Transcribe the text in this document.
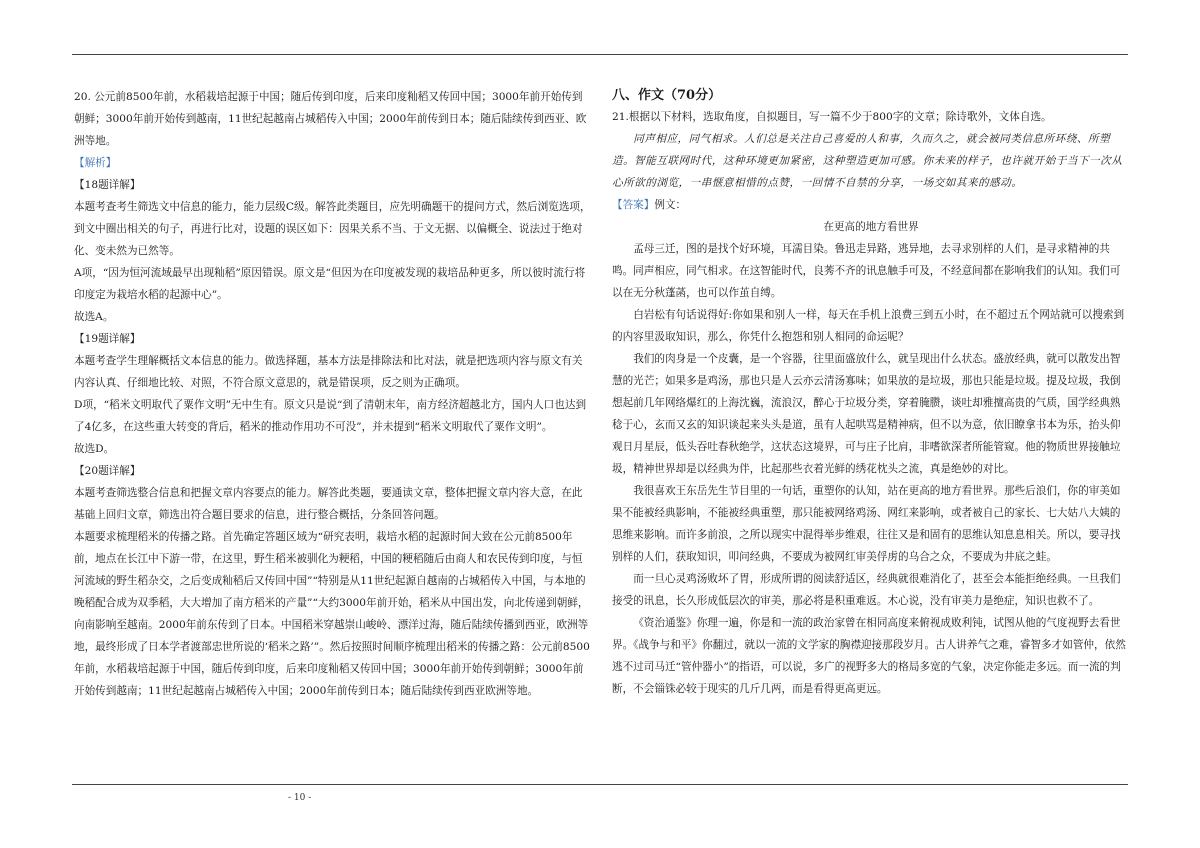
20. 公元前8500年前，水稻栽培起源于中国；随后传到印度，后来印度籼稻又传回中国；3000年前开始传到朝鲜；3000年前开始传到越南，11世纪起越南占城稻传入中国；2000年前传到日本；随后陆续传到西亚、欧洲等地。

【解析】

【18题详解】

本题考查考生筛选文中信息的能力，能力层级C级。解答此类题目，应先明确题干的提问方式，然后浏览选项，到文中圈出相关的句子，再进行比对，设题的误区如下：因果关系不当、于文无据、以偏概全、说法过于绝对化、变未然为已然等。

A项，“因为恒河流域最早出现籼稻”原因错误。原文是“但因为在印度被发现的栽培品种更多，所以彼时流行将印度定为栽培水稻的起源中心”。

故选A。

【19题详解】

本题考查学生理解概括文本信息的能力。做选择题，基本方法是排除法和比对法，就是把选项内容与原文有关内容认真、仔细地比较、对照，不符合原文意思的，就是错误项，反之则为正确项。

D项，“稻米文明取代了粟作文明”无中生有。原文只是说“到了清朝末年，南方经济超越北方，国内人口也达到了4亿多，在这些重大转变的背后，稻米的推动作用功不可没”，并未提到“稻米文明取代了粟作文明”。

故选D。

【20题详解】

本题考查筛选整合信息和把握文章内容要点的能力。解答此类题，要通读文章，整体把握文章内容大意，在此基础上回归文章，筛选出符合题目要求的信息，进行整合概括，分条回答问题。

本题要求梳理稻米的传播之路。首先确定答题区域为“研究表明，栽培水稻的起源时间大致在公元前8500年前，地点在长江中下游一带，在这里，野生稻米被驯化为粳稻，中国的粳稻随后由商人和农民传到印度，与恒河流域的野生稻杂交，之后变成籼稻后又传回中国”“特别是从11世纪起源自越南的占城稻传入中国，与本地的晚稻配合成为双季稻，大大增加了南方稻米的产量”“大约3000年前开始，稻米从中国出发，向北传递到朝鲜，向南影响至越南。2000年前东传到了日本。中国稻米穿越崇山峻岭、漂洋过海，随后陆续传播到西亚，欧洲等地，最终形成了日本学者渡部忠世所说的‘稻米之路’”。然后按照时间顺序梳理出稻米的传播之路：公元前8500年前，水稻栽培起源于中国，随后传到印度，后来印度籼稻又传回中国；3000年前开始传到朝鲜；3000年前开始传到越南；11世纪起越南占城稻传入中国；2000年前传到日本；随后陆续传到西亚欧洲等地。

八、作文（70分）

21.根据以下材料，选取角度，自拟题目，写一篇不少于800字的文章；除诗歌外，文体自选。

同声相应，同气相求。人们总是关注自己喜爱的人和事，久而久之，就会被同类信息所环绕、所塑造。智能互联网时代，这种环境更加紧密，这种塑造更加可感。你未来的样子，也许就开始于当下一次从心所欲的浏览，一串惬意相惜的点赞，一回情不自禁的分享，一场交如其来的感动。

【答案】例文：

在更高的地方看世界

孟母三迁，图的是找个好环境，耳濡目染。鲁迅走异路，逃异地，去寻求别样的人们，是寻求精神的共鸣。同声相应，同气相求。在这智能时代，良莠不齐的讯息触手可及，不经意间都在影响我们的认知。我们可以在无分秋蓬菡，也可以作茧自缚。

白岩松有句话说得好:你如果和别人一样，每天在手机上浪费三到五小时，在不超过五个网站就可以搜索到的内容里汲取知识，那么，你凭什么抱怨和别人相同的命运呢？

我们的肉身是一个皮囊，是一个容器，往里面盛放什么，就呈现出什么状态。盛放经典，就可以散发出智慧的光芒；如果多是鸡汤，那也只是人云亦云清汤寡味；如果放的是垃圾，那也只能是垃圾。提及垃圾，我倒想起前几年网络爆红的上海沈巍，流浪汉，醉心于垃圾分类，穿着腌臜，谈吐却雅擅高贵的气质，国学经典熟稔于心，玄而又玄的知识谈起来头头是道，虽有人起哄骂是精神病，但不以为意，依旧瞭拿书本为乐，抬头仰观日月星辰，低头吞吐春秋绝学，这状态这境界，可与庄子比肩，非嗜欲深者所能管窥。他的物质世界接触垃圾，精神世界却是以经典为伴，比起那些衣着光鲜的绣花枕头之流，真是绝妙的对比。

我很喜欢王东岳先生节目里的一句话，重塑你的认知，站在更高的地方看世界。那些后浪们，你的审美如果不能被经典影响，不能被经典重塑，那只能被网络鸡汤、网红来影响，或者被自己的家长、七大姑八大姨的思维来影响。而许多前浪，之所以现实中混得举步维艰，往往又是和固有的思维认知息息相关。所以，要寻找别样的人们，获取知识，叩问经典，不要成为被网红审美俘虏的乌合之众，不要成为井底之蛙。

而一旦心灵鸡汤败坏了胃，形成所谓的阅读舒适区，经典就很难消化了，甚至会本能拒绝经典。一旦我们接受的讯息，长久形成低层次的审美，那必将是积重难返。木心说，没有审美力是绝症，知识也救不了。

《资治通鉴》你理一遍，你是和一流的政治家曾在相同高度来俯视成败利钝，试图从他的气度视野去看世界。《战争与和平》你翻过，就以一流的文学家的胸襟迎接那段岁月。古人讲养气之难，睿智多才如管仲，依然逃不过司马迁“管仲器小”的指语，可以说，多广的视野多大的格局多宽的气象，决定你能走多远。而一流的判断，不会锱铢必较于现实的几斤几两，而是看得更高更远。

- 10 -
